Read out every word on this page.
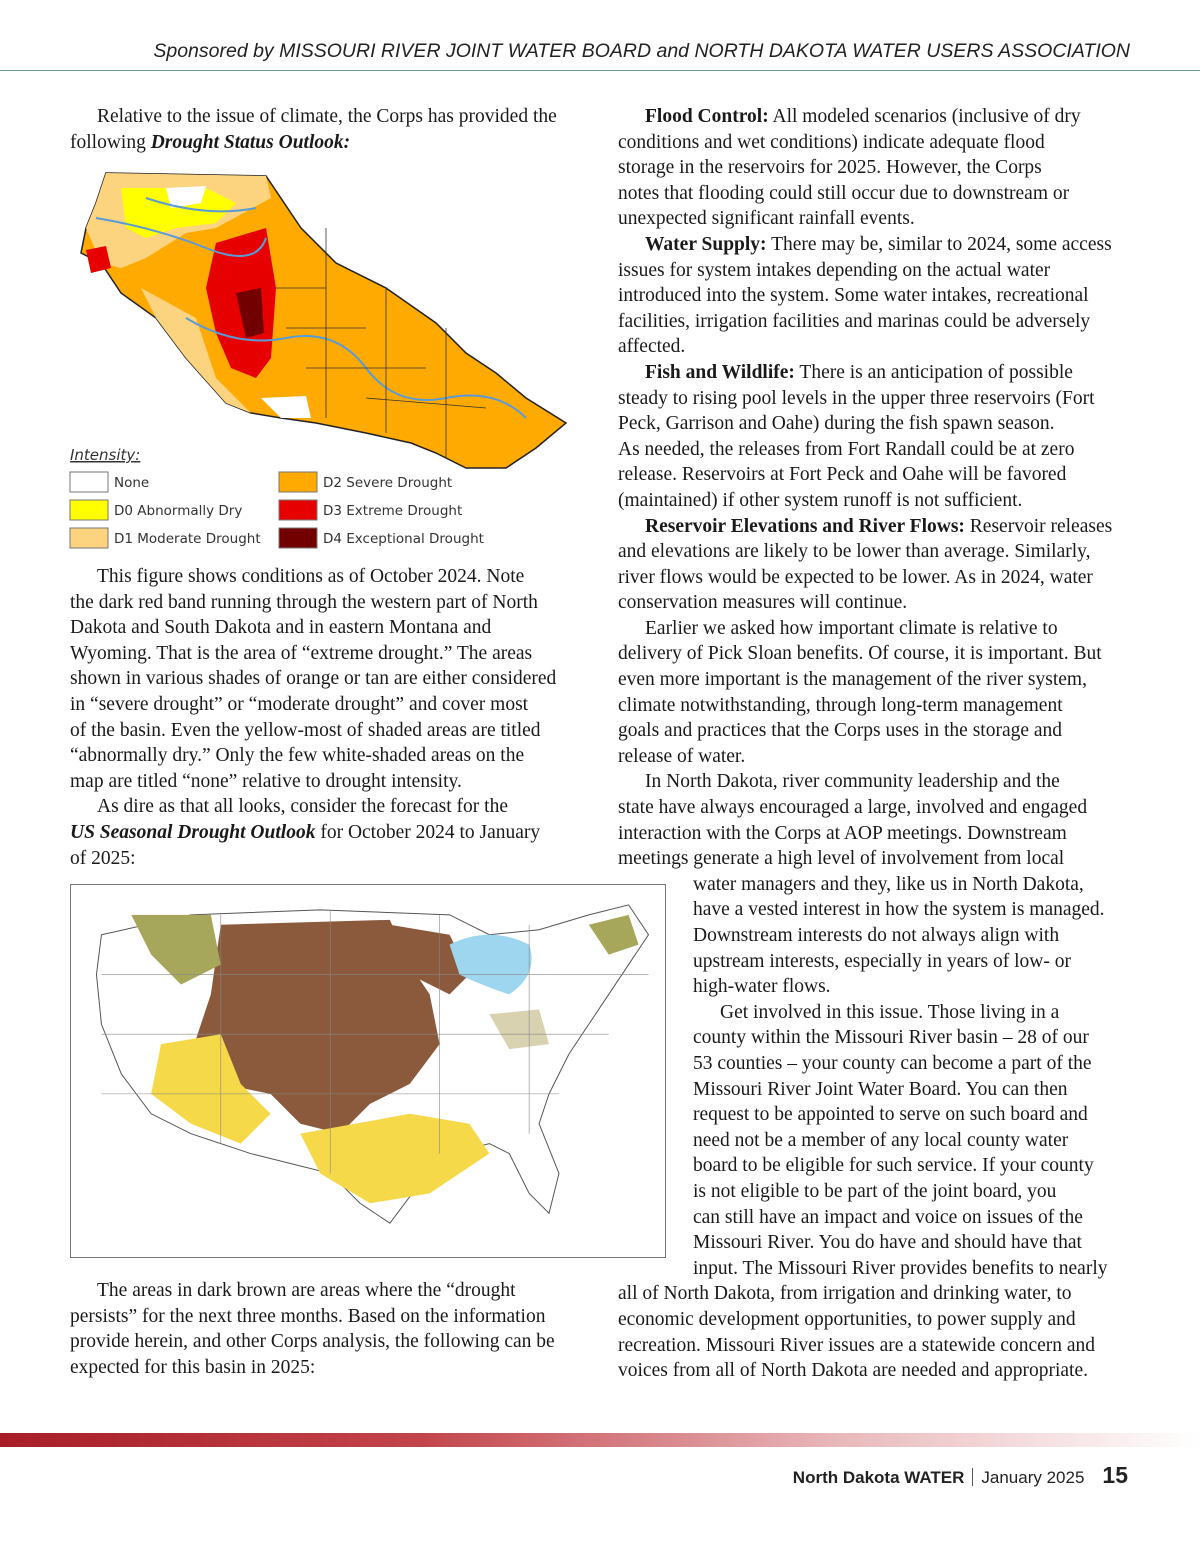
Sponsored by MISSOURI RIVER JOINT WATER BOARD and NORTH DAKOTA WATER USERS ASSOCIATION
Relative to the issue of climate, the Corps has provided the
following Drought Status Outlook:
Intensity:
None
D0 Abnormally Dry
D1 Moderate Drought
D2 Severe Drought
D3 Extreme Drought
D4 Exceptional Drought
This figure shows conditions as of October 2024. Note
the dark red band running through the western part of North
Dakota and South Dakota and in eastern Montana and
Wyoming. That is the area of “extreme drought.” The areas
shown in various shades of orange or tan are either considered
in “severe drought” or “moderate drought” and cover most
of the basin. Even the yellow-most of shaded areas are titled
“abnormally dry.” Only the few white-shaded areas on the
map are titled “none” relative to drought intensity.
As dire as that all looks, consider the forecast for the
US Seasonal Drought Outlook for October 2024 to January
of 2025:
The areas in dark brown are areas where the “drought
persists” for the next three months. Based on the information
provide herein, and other Corps analysis, the following can be
expected for this basin in 2025:
Flood Control: All modeled scenarios (inclusive of dry
conditions and wet conditions) indicate adequate flood
storage in the reservoirs for 2025. However, the Corps
notes that flooding could still occur due to downstream or
unexpected significant rainfall events.
Water Supply: There may be, similar to 2024, some access
issues for system intakes depending on the actual water
introduced into the system. Some water intakes, recreational
facilities, irrigation facilities and marinas could be adversely
affected.
Fish and Wildlife: There is an anticipation of possible
steady to rising pool levels in the upper three reservoirs (Fort
Peck, Garrison and Oahe) during the fish spawn season.
As needed, the releases from Fort Randall could be at zero
release. Reservoirs at Fort Peck and Oahe will be favored
(maintained) if other system runoff is not sufficient.
Reservoir Elevations and River Flows: Reservoir releases
and elevations are likely to be lower than average. Similarly,
river flows would be expected to be lower. As in 2024, water
conservation measures will continue.
Earlier we asked how important climate is relative to
delivery of Pick Sloan benefits. Of course, it is important. But
even more important is the management of the river system,
climate notwithstanding, through long-term management
goals and practices that the Corps uses in the storage and
release of water.
In North Dakota, river community leadership and the
state have always encouraged a large, involved and engaged
interaction with the Corps at AOP meetings. Downstream
meetings generate a high level of involvement from local
water managers and they, like us in North Dakota,
have a vested interest in how the system is managed.
Downstream interests do not always align with
upstream interests, especially in years of low- or
high-water flows.
Get involved in this issue. Those living in a
county within the Missouri River basin – 28 of our
53 counties – your county can become a part of the
Missouri River Joint Water Board. You can then
request to be appointed to serve on such board and
need not be a member of any local county water
board to be eligible for such service. If your county
is not eligible to be part of the joint board, you
can still have an impact and voice on issues of the
Missouri River. You do have and should have that
input. The Missouri River provides benefits to nearly
all of North Dakota, from irrigation and drinking water, to
economic development opportunities, to power supply and
recreation. Missouri River issues are a statewide concern and
voices from all of North Dakota are needed and appropriate.
North Dakota WATER January 2025 15
